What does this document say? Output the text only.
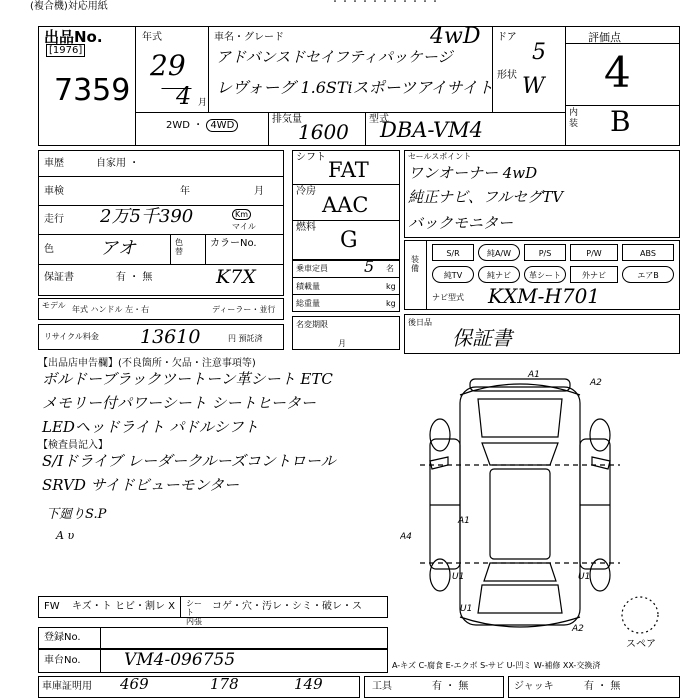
(複合機)対応用紙	・・・・・・・・・・・
出品No.
[1976]
7359
年式
29
4 月
車名・グレード
アドバンスドセイフティパッケージ
4wD
レヴォーグ 1.6STiスポーツアイサイト
ドア
5
形状 W
評価点
4
内装 B
2WD ・ 4WD
排気量
1600
型式
DBA-VM4
車歴	自家用 ・
車検	年	月
走行 2万5千390	Km
マイル
色	アオ	色替
カラーNo.
保証書	有 ・ 無	K7X
モデル 年式 ハンドル 左・右	ディーラー・並行
リサイクル料金 13610	円 預託済
シフト
FAT
冷房
AAC
燃料
G
乗車定員 5 名
積載量	kg
総重量	kg
名変期限
月
セールスポイント
ワンオーナー 4wD
純正ナビ、フルセグTV
バックモニター
装備
S/R	純A/W	P/S	P/W	ABS
純TV	純ナビ	革シート	外ナビ	エアB
ナビ型式 KXM-H701
後日品
保証書
【出品店申告欄】(不良箇所・欠品・注意事項等)
ボルドーブラックツートーン革シート ETC
メモリー付パワーシート シートヒーター
LEDヘッドライト パドルシフト
【検査員記入】
S/Iドライブ レーダークルーズコントロール
SRVD サイドビューモンター
下廻りS.P
A υ
A1
A2
A1
A4
U1	U1
U1
A2
スペア
FW キズ・ト ヒビ・割レ X シート 内張
コゲ・穴・汚レ・シミ・破レ・ス
登録No.
車台No.	VM4-096755	A-キズ C-腐食 E-エクボ S-サビ U-凹ミ W-補修 XX-交換済
車庫証明用 469	178	149	工具	有 ・ 無	ジャッキ	有 ・ 無
